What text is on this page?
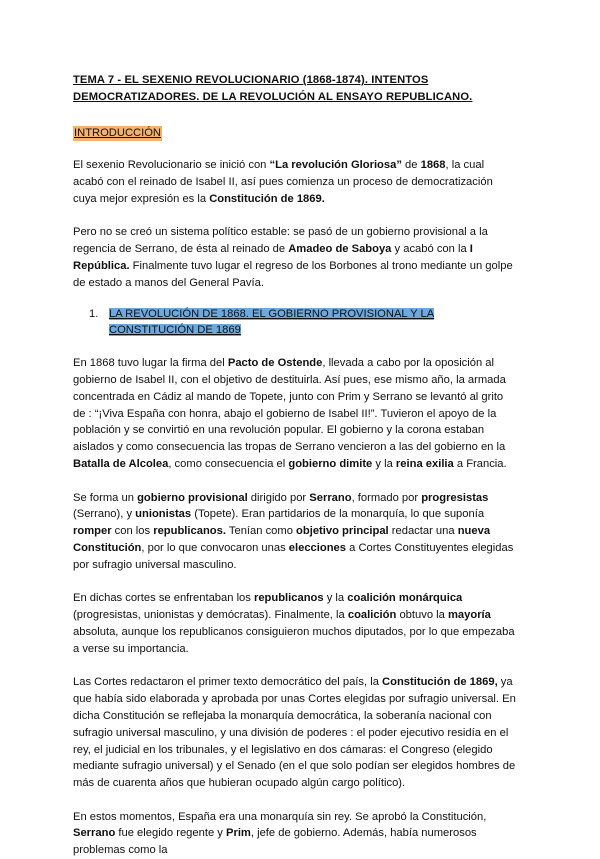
TEMA 7 - EL SEXENIO REVOLUCIONARIO (1868-1874). INTENTOS DEMOCRATIZADORES. DE LA REVOLUCIÓN AL ENSAYO REPUBLICANO.
INTRODUCCIÓN

El sexenio Revolucionario se inició con “La revolución Gloriosa” de 1868, la cual acabó con el reinado de Isabel II, así pues comienza un proceso de democratización cuya mejor expresión es la Constitución de 1869.

Pero no se creó un sistema político estable: se pasó de un gobierno provisional a la regencia de Serrano, de ésta al reinado de Amadeo de Saboya y acabó con la I República. Finalmente tuvo lugar el regreso de los Borbones al trono mediante un golpe de estado a manos del General Pavía.

1. LA REVOLUCIÓN DE 1868. EL GOBIERNO PROVISIONAL Y LA CONSTITUCIÓN DE 1869

En 1868 tuvo lugar la firma del Pacto de Ostende, llevada a cabo por la oposición al gobierno de Isabel II, con el objetivo de destituirla. Así pues, ese mismo año, la armada concentrada en Cádiz al mando de Topete, junto con Prim y Serrano se levantó al grito de : “¡Viva España con honra, abajo el gobierno de Isabel II!”. Tuvieron el apoyo de la población y se convirtió en una revolución popular. El gobierno y la corona estaban aislados y como consecuencia las tropas de Serrano vencieron a las del gobierno en la Batalla de Alcolea, como consecuencia el gobierno dimite y la reina exilia a Francia.

Se forma un gobierno provisional dirigido por Serrano, formado por progresistas (Serrano), y unionistas (Topete). Eran partidarios de la monarquía, lo que suponía romper con los republicanos. Tenían como objetivo principal redactar una nueva Constitución, por lo que convocaron unas elecciones a Cortes Constituyentes elegidas por sufragio universal masculino.

En dichas cortes se enfrentaban los republicanos y la coalición monárquica (progresistas, unionistas y demócratas). Finalmente, la coalición obtuvo la mayoría absoluta, aunque los republicanos consiguieron muchos diputados, por lo que empezaba a verse su importancia.

Las Cortes redactaron el primer texto democrático del país, la Constitución de 1869, ya que había sido elaborada y aprobada por unas Cortes elegidas por sufragio universal. En dicha Constitución se reflejaba la monarquía democrática, la soberanía nacional con sufragio universal masculino, y una división de poderes : el poder ejecutivo residía en el rey, el judicial en los tribunales, y el legislativo en dos cámaras: el Congreso (elegido mediante sufragio universal) y el Senado (en el que solo podían ser elegidos hombres de más de cuarenta años que hubieran ocupado algún cargo político).

En estos momentos, España era una monarquía sin rey. Se aprobó la Constitución, Serrano fue elegido regente y Prim, jefe de gobierno. Además, había numerosos problemas como la
